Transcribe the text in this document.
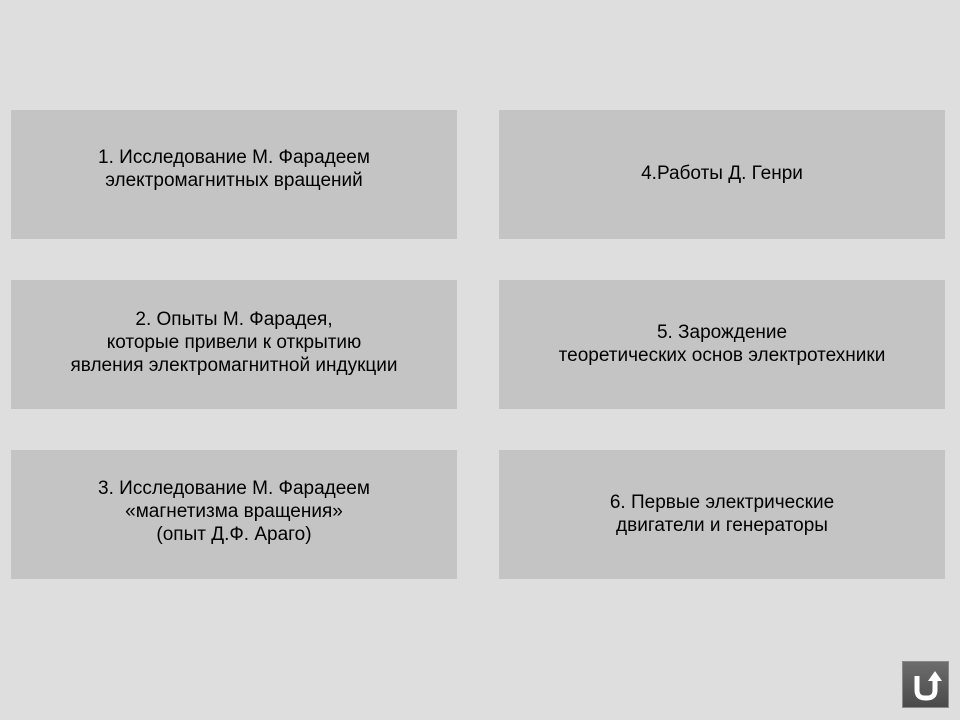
1. Исследование М. Фарадеем
электромагнитных вращений	4.Работы Д. Генри
2. Опыты М. Фарадея,
которые привели к открытию
явления электромагнитной индукции
5. Зарождение
теоретических основ электротехники
3. Исследование М. Фарадеем
«магнетизма вращения»
(опыт Д.Ф. Араго)
6. Первые электрические
двигатели и генераторы
